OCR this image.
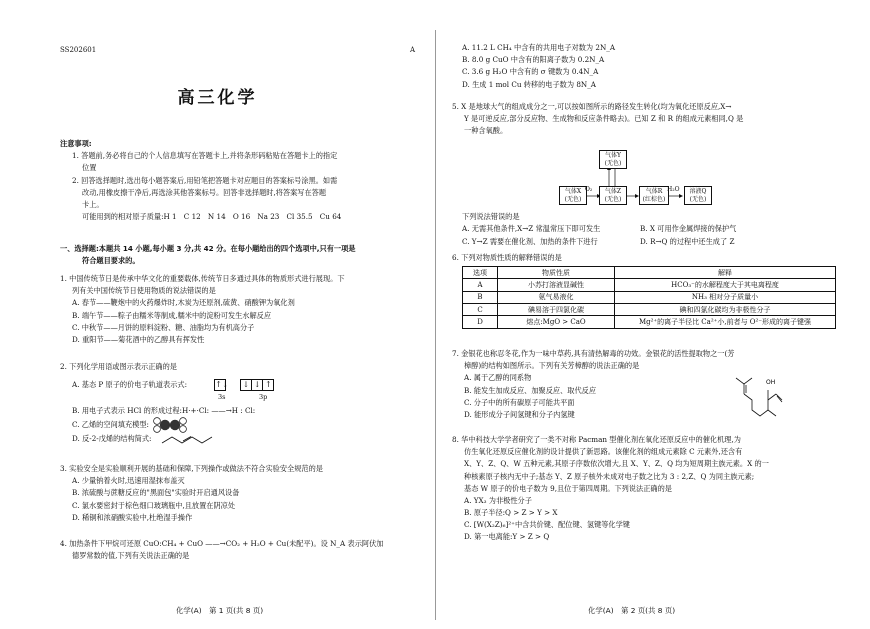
SS202601	A
高三化学

注意事项:

1. 答题前,务必将自己的个人信息填写在答题卡上,并将条形码粘贴在答题卡上的指定

位置

2. 回答选择题时,选出每小题答案后,用铅笔把答题卡对应题目的答案标号涂黑。如需

改动,用橡皮擦干净后,再选涂其他答案标号。回答非选择题时,将答案写在答题

卡上。

可能用到的相对原子质量:H 1　C 12　N 14　O 16　Na 23　Cl 35.5　Cu 64

一、选择题:本题共 14 小题,每小题 3 分,共 42 分。在每小题给出的四个选项中,只有一项是

符合题目要求的。

1. 中国传统节日是传承中华文化的重要载体,传统节日多通过具体的物质形式进行展现。下

列有关中国传统节日使用物质的说法错误的是

A. 春节——鞭炮中的火药爆炸时,木炭为还原剂,硫黄、硝酸钾为氧化剂

B. 端午节——粽子由糯米等制成,糯米中的淀粉可发生水解反应

C. 中秋节——月饼的原料淀粉、糖、油脂均为有机高分子

D. 重阳节——菊花酒中的乙醇具有挥发性

2. 下列化学用语或图示表示正确的是

A. 基态 P 原子的价电子轨道表示式:	↑↓ ↓ ↓ ↑
3s	3p

B. 用电子式表示 HCl 的形成过程:H·+·Cl: ——→H : Cl:

C. 乙烯的空间填充模型:
D. 反-2-戊烯的结构简式:

3. 实验安全是实验顺利开展的基础和保障,下列操作或做法不符合实验安全规范的是

A. 少量钠着火时,迅速用湿抹布盖灭

B. 浓硫酸与蔗糖反应的"黑面包"实验时开启通风设备

C. 氯水要密封于棕色细口玻璃瓶中,且放置在阴凉处

D. 稀铜和浓硝酸实验中,杜绝湿手操作

4. 加热条件下甲烷可还原 CuO:CH₄ + CuO ——→CO₂ + H₂O + Cu(未配平)。设 N_A 表示阿伏加

德罗常数的值,下列有关说法正确的是

化学(A)　第 1 页(共 8 页)

A. 11.2 L CH₄ 中含有的共用电子对数为 2N_A

B. 8.0 g CuO 中含有的阳离子数为 0.2N_A

C. 3.6 g H₂O 中含有的 σ 键数为 0.4N_A

D. 生成 1 mol Cu 转移的电子数为 8N_A

5. X 是地球大气的组成成分之一,可以按如图所示的路径发生转化(均为氧化还原反应,X→

Y 是可逆反应,部分反应物、生成物和反应条件略去)。已知 Z 和 R 的组成元素相同,Q 是

一种含氧酸。

气体Y
(无色)
气体X
(无色)
气体Z
(无色)
气体R
(红棕色)
溶液Q
(无色)
O₂	H₂O

下列说法错误的是

A. 无需其他条件,X→Z 常温常压下即可发生	B. X 可用作金属焊接的保护气
C. Y→Z 需要在催化剂、加热的条件下进行	D. R→Q 的过程中还生成了 Z

6. 下列对物质性质的解释错误的是

选项	物质性质	解释
A	小苏打溶液显碱性	HCO₃⁻的水解程度大于其电离程度
B	氨气易液化	NH₃ 相对分子质量小
C	碘易溶于四氯化碳	碘和四氯化碳均为非极性分子
D	熔点:MgO > CaO	Mg²⁺的离子半径比 Ca²⁺小,前者与 O²⁻形成的离子键强

7. 金银花也称忍冬花,作为一味中草药,具有清热解毒的功效。金银花的活性提取物之一(芳

樟醇)的结构如图所示。下列有关芳樟醇的说法正确的是

A. 属于乙醇的同系物

B. 能发生加成反应、加聚反应、取代反应

C. 分子中的所有碳原子可能共平面

D. 能形成分子间氢键和分子内氢键

OH

8. 华中科技大学学者研究了一类不对称 Pacman 型催化剂在氧化还原反应中的催化机理,为

仿生氧化还原反应催化剂的设计提供了新思路。该催化剂的组成元素除 C 元素外,还含有

X、Y、Z、Q、W 五种元素,其原子序数依次增大,且 X、Y、Z、Q 均为短周期主族元素。X 的一

种核素原子核内无中子;基态 Y、Z 原子核外未成对电子数之比为 3 : 2,Z、Q 为同主族元素;

基态 W 原子的价电子数为 9,且位于第四周期。下列说法正确的是

A. YX₃ 为非极性分子

B. 原子半径:Q > Z > Y > X

C. [W(X₂Z)₆]²⁺中含共价键、配位键、氢键等化学键

D. 第一电离能:Y > Z > Q

化学(A)　第 2 页(共 8 页)
